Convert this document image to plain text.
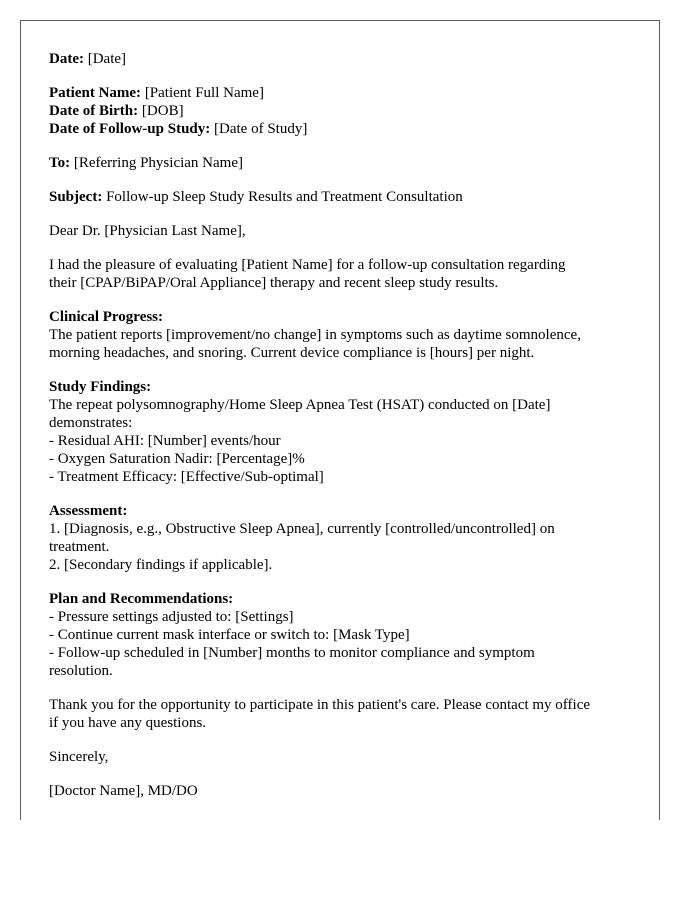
Date: [Date]
Patient Name: [Patient Full Name]
Date of Birth: [DOB]
Date of Follow-up Study: [Date of Study]
To: [Referring Physician Name]
Subject: Follow-up Sleep Study Results and Treatment Consultation
Dear Dr. [Physician Last Name],
I had the pleasure of evaluating [Patient Name] for a follow-up consultation regarding
their [CPAP/BiPAP/Oral Appliance] therapy and recent sleep study results.
Clinical Progress:
The patient reports [improvement/no change] in symptoms such as daytime somnolence,
morning headaches, and snoring. Current device compliance is [hours] per night.
Study Findings:
The repeat polysomnography/Home Sleep Apnea Test (HSAT) conducted on [Date]
demonstrates:
- Residual AHI: [Number] events/hour
- Oxygen Saturation Nadir: [Percentage]%
- Treatment Efficacy: [Effective/Sub-optimal]
Assessment:
1. [Diagnosis, e.g., Obstructive Sleep Apnea], currently [controlled/uncontrolled] on
treatment.
2. [Secondary findings if applicable].
Plan and Recommendations:
- Pressure settings adjusted to: [Settings]
- Continue current mask interface or switch to: [Mask Type]
- Follow-up scheduled in [Number] months to monitor compliance and symptom
resolution.
Thank you for the opportunity to participate in this patient's care. Please contact my office
if you have any questions.
Sincerely,
[Doctor Name], MD/DO
